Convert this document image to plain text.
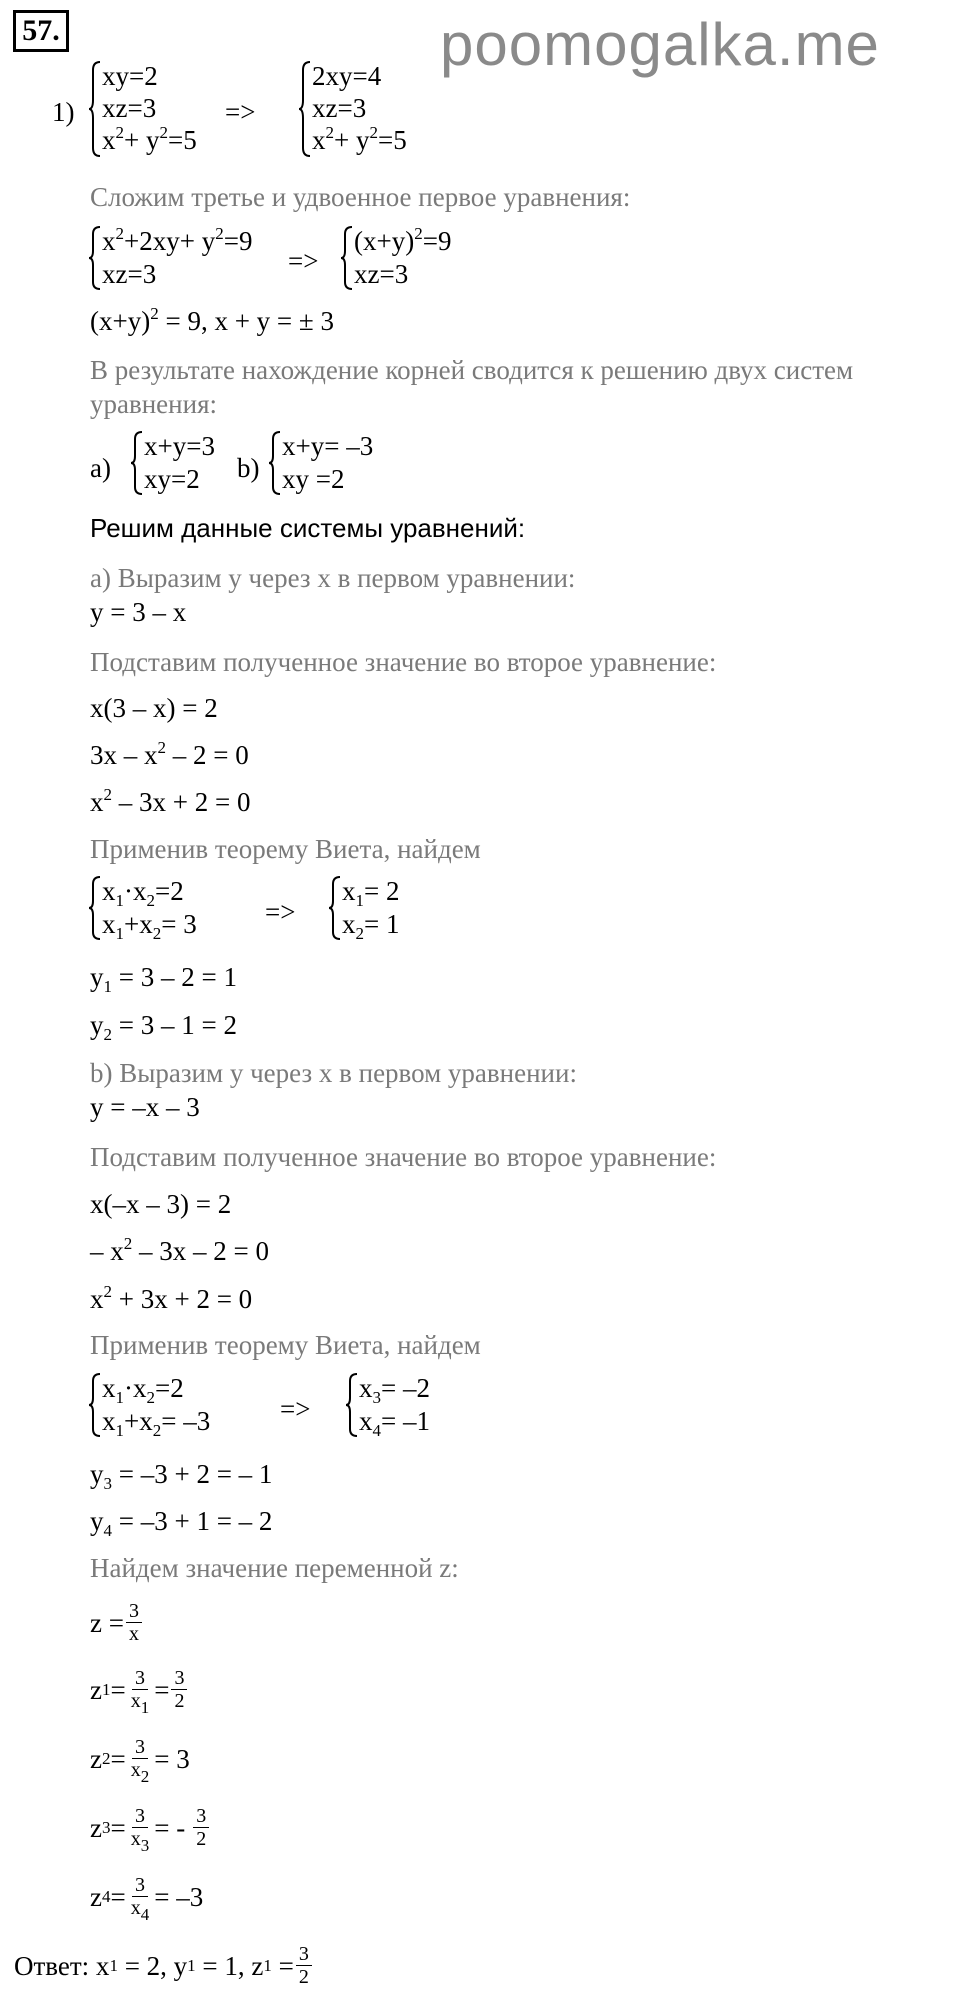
57.	poomogalka.me
1)
xy=2
xz=3
$x^2+ y^2=5$
=>
2xy=4
xz=3
$x^2+ y^2=5$
Сложим третье и удвоенное первое уравнения:
$x^2+2xy+ y^2=9$
xz=3	=>
$(x+y)^2=9$
xz=3
$(x+y)^2 = 9$, x + y = ± 3
В результате нахождение корней сводится к решению двух систем
уравнения:
a)
x+y=3
xy=2	b)
x+y= –3
xy =2
Решим данные системы уравнений:
a) Выразим y через x в первом уравнении:
y = 3 – x
Подставим полученное значение во второе уравнение:
x(3 – x) = 2
$3x - x^2 - 2 = 0$
$x^2 - 3x + 2 = 0$
Применив теорему Виета, найдем
$x_1\cdot x_2=2$
$x_1+x_2= 3$	=>
$x_1= 2$
$x_2= 1$
$y_1 = 3 - 2 = 1$
$y_2 = 3 - 1 = 2$
b) Выразим y через x в первом уравнении:
y = –x – 3
Подставим полученное значение во второе уравнение:
x(–x – 3) = 2
– $x^2 - 3x - 2 = 0$
$x^2 + 3x + 2 = 0$
Применив теорему Виета, найдем
$x_1\cdot x_2=2$
$x_1+x_2= -3$	=>
$x_3= -2$
$x_4= -1$
$y_3 = -3 + 2$ = – 1
$y_4 = -3 + 1$ = – 2
Найдем значение переменной z:
$z = \frac{3}{x}$
z $1 = \frac{3}{x_1} = \frac{3}{2}$
z $2 = \frac{3}{x_2} = 3$
z $3 = \frac{3}{x_3}$ = - $\frac{3}{2}$
z $4 = \frac{3}{x_4} = -3$
Ответ: x 1 = 2, y 1 = 1, z $1 = \frac{3}{2}$
